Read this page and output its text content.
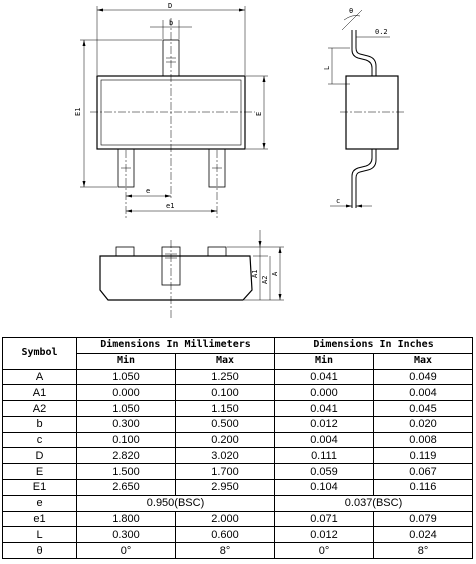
D
b
E1	E
e
e1
θ
0.2
L
c
A1
A2
A
Symbol	Dimensions In Millimeters		Dimensions In Inches	
	Min	Max	Min	Max
A	1.050	1.250	0.041	0.049
A1	0.000	0.100	0.000	0.004
A2	1.050	1.150	0.041	0.045
b	0.300	0.500	0.012	0.020
c	0.100	0.200	0.004	0.008
D	2.820	3.020	0.111	0.119
E	1.500	1.700	0.059	0.067
E1	2.650	2.950	0.104	0.116
e	0.950(BSC)		0.037(BSC)	
e1	1.800	2.000	0.071	0.079
L	0.300	0.600	0.012	0.024
θ	0°	8°	0°	8°
